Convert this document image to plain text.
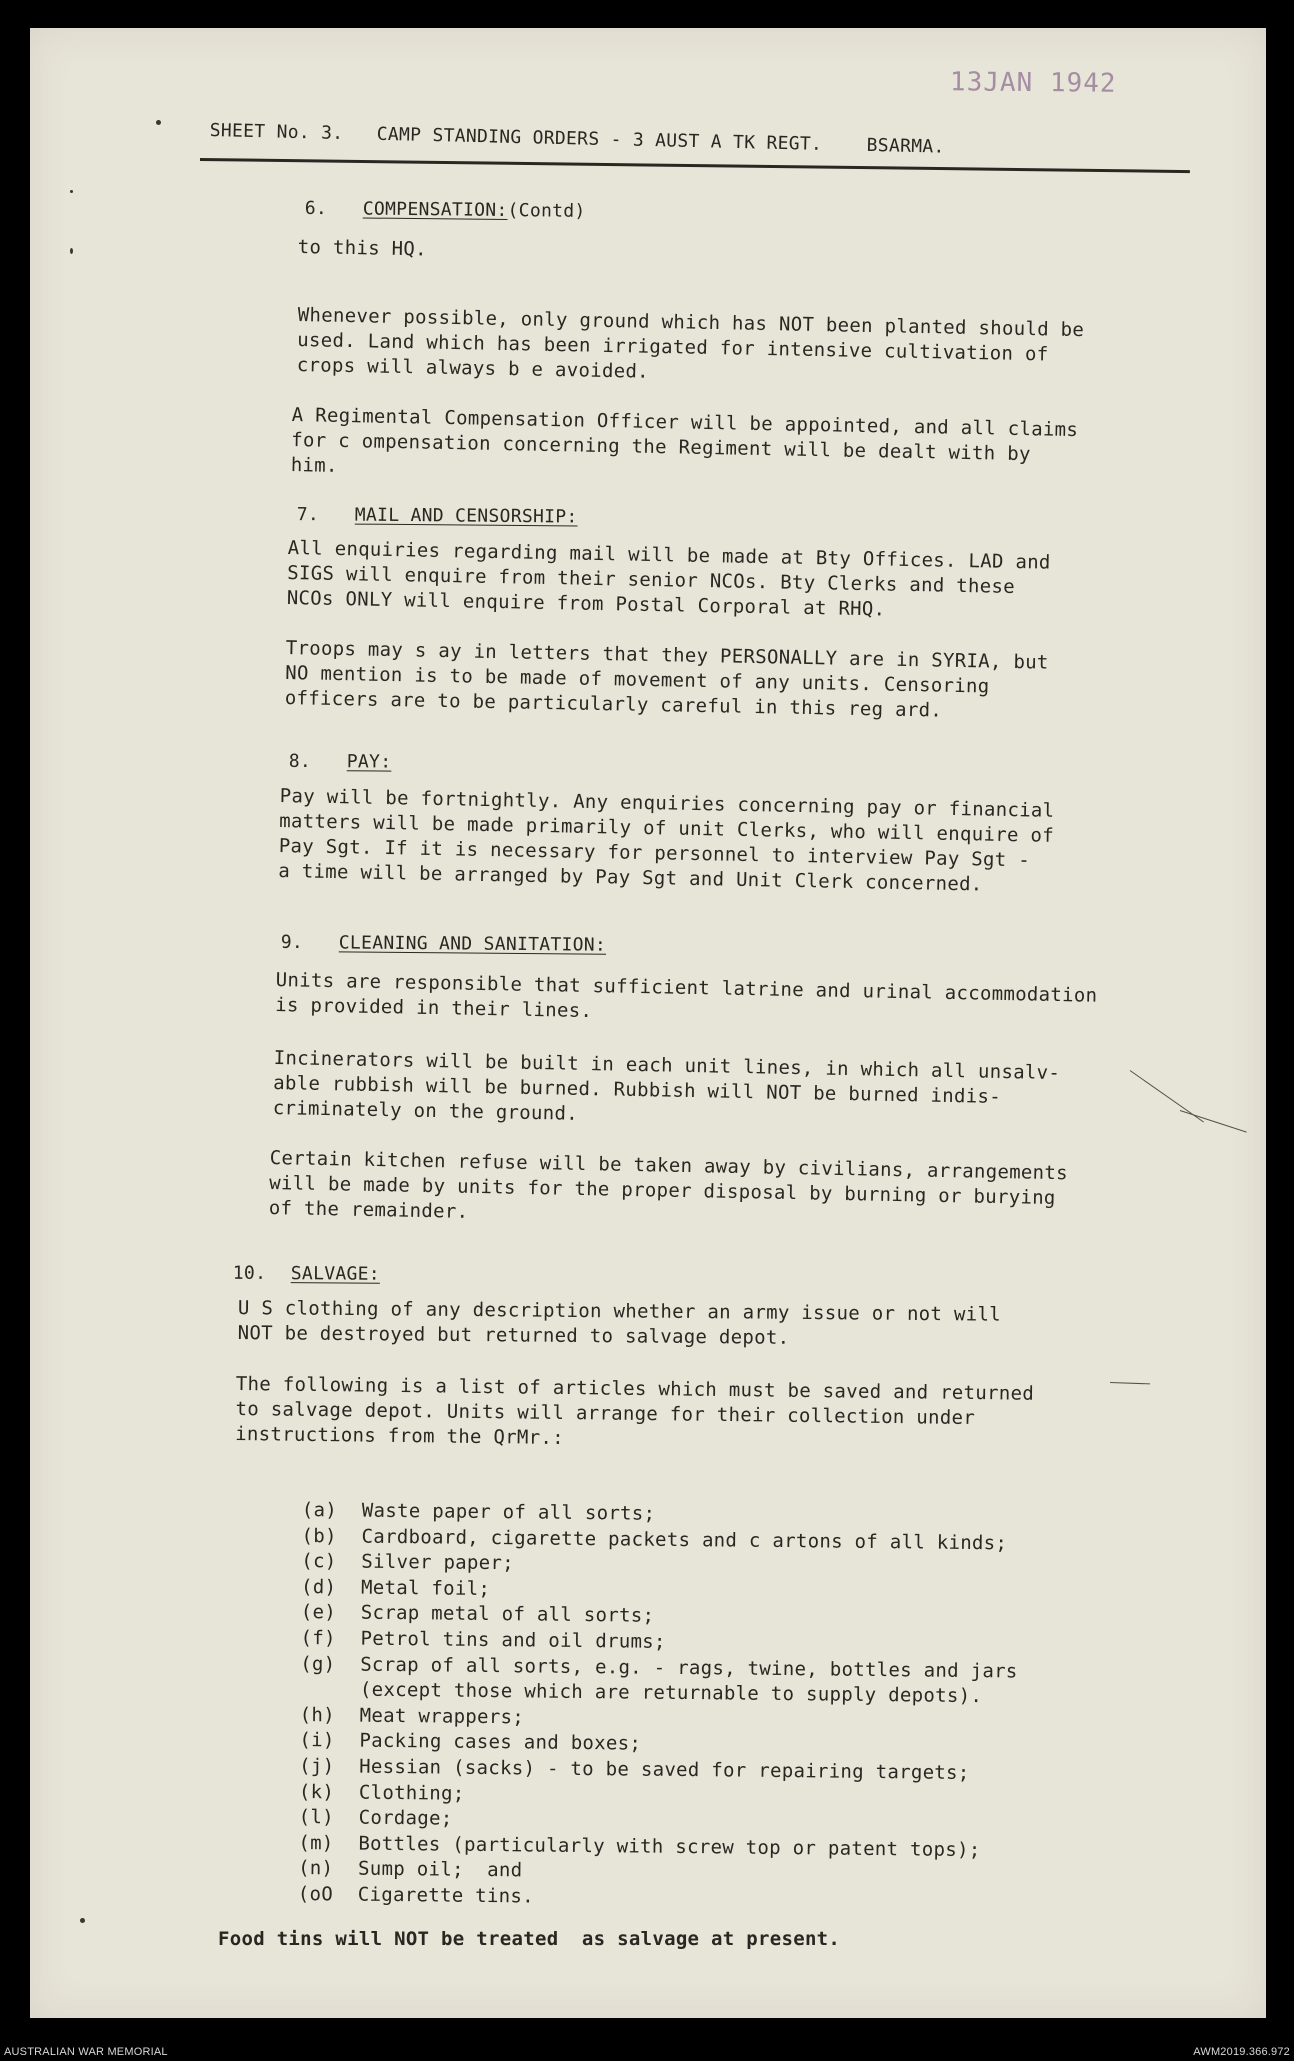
13JAN 1942
SHEET No. 3.   CAMP STANDING ORDERS - 3 AUST A TK REGT.    BSARMA.

6. COMPENSATION:(Contd)

to this HQ.
Whenever possible, only ground which has NOT been planted should be
used. Land which has been irrigated for intensive cultivation of
crops will always b e avoided.
A Regimental Compensation Officer will be appointed, and all claims
for c ompensation concerning the Regiment will be dealt with by
him.

7. MAIL AND CENSORSHIP:

All enquiries regarding mail will be made at Bty Offices. LAD and
SIGS will enquire from their senior NCOs. Bty Clerks and these
NCOs ONLY will enquire from Postal Corporal at RHQ.
Troops may s ay in letters that they PERSONALLY are in SYRIA, but
NO mention is to be made of movement of any units. Censoring
officers are to be particularly careful in this reg ard.

8. PAY:

Pay will be fortnightly. Any enquiries concerning pay or financial
matters will be made primarily of unit Clerks, who will enquire of
Pay Sgt. If it is necessary for personnel to interview Pay Sgt -
a time will be arranged by Pay Sgt and Unit Clerk concerned.

9. CLEANING AND SANITATION:

Units are responsible that sufficient latrine and urinal accommodation
is provided in their lines.
Incinerators will be built in each unit lines, in which all unsalv-
able rubbish will be burned. Rubbish will NOT be burned indis-
criminately on the ground.
Certain kitchen refuse will be taken away by civilians, arrangements
will be made by units for the proper disposal by burning or burying
of the remainder.

10. SALVAGE:

U S clothing of any description whether an army issue or not will
NOT be destroyed but returned to salvage depot.
The following is a list of articles which must be saved and returned
to salvage depot. Units will arrange for their collection under
instructions from the QrMr.:
(a)	Waste paper of all sorts;
(b)	Cardboard, cigarette packets and c artons of all kinds;
(c)	Silver paper;
(d)	Metal foil;
(e)	Scrap metal of all sorts;
(f)	Petrol tins and oil drums;
(g)	Scrap of all sorts, e.g. - rags, twine, bottles and jars
(except those which are returnable to supply depots).
(h)	Meat wrappers;
(i)	Packing cases and boxes;
(j)	Hessian (sacks) - to be saved for repairing targets;
(k)	Clothing;
(l)	Cordage;
(m)	Bottles (particularly with screw top or patent tops);
(n)	Sump oil;  and
(oO	Cigarette tins.
Food tins will NOT be treated  as salvage at present.
AUSTRALIAN WAR MEMORIAL	AWM2019.366.972
